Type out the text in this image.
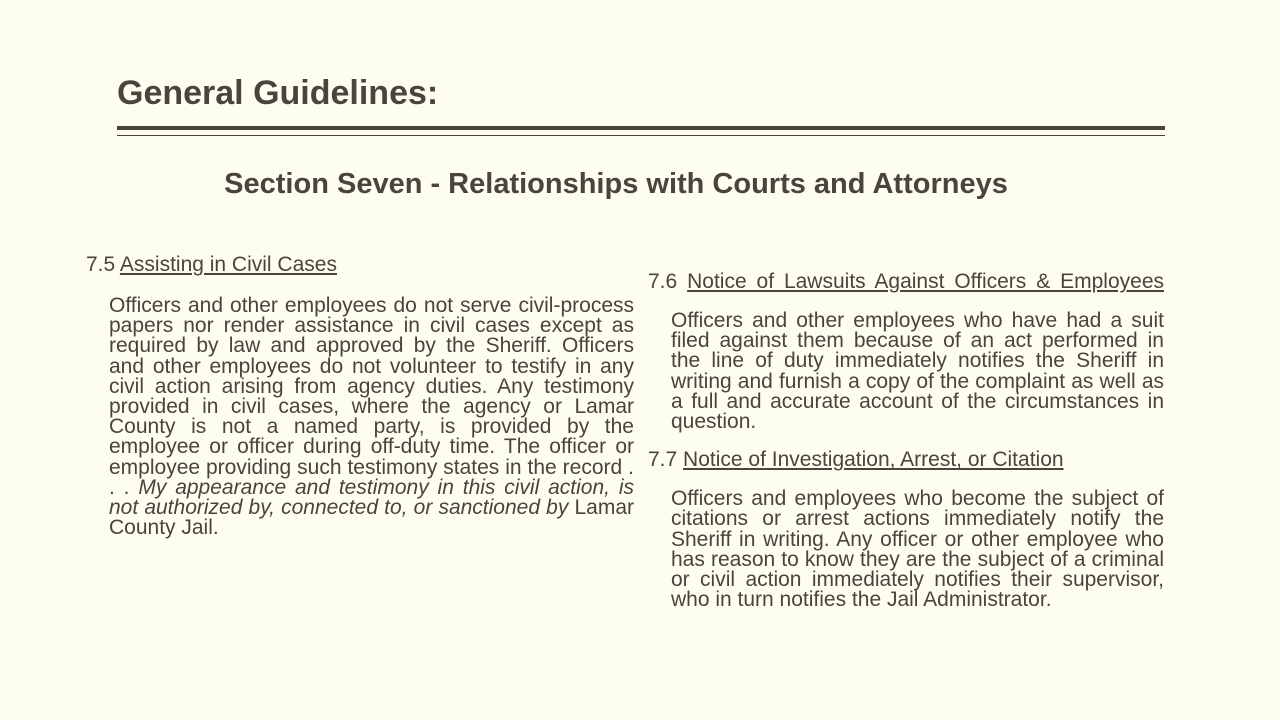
General Guidelines:
Section Seven - Relationships with Courts and Attorneys

7.5 Assisting in Civil Cases

Officers and other employees do not serve civil-process papers nor render assistance in civil cases except as required by law and approved by the Sheriff. Officers and other employees do not volunteer to testify in any civil action arising from agency duties. Any testimony provided in civil cases, where the agency or Lamar County is not a named party, is provided by the employee or officer during off-duty time. The officer or employee providing such testimony states in the record . . . My appearance and testimony in this civil action, is not authorized by, connected to, or sanctioned by Lamar County Jail.

7.6 Notice of Lawsuits Against Officers & Employees

Officers and other employees who have had a suit filed against them because of an act performed in the line of duty immediately notifies the Sheriff in writing and furnish a copy of the complaint as well as a full and accurate account of the circumstances in question.

7.7 Notice of Investigation, Arrest, or Citation

Officers and employees who become the subject of citations or arrest actions immediately notify the Sheriff in writing. Any officer or other employee who has reason to know they are the subject of a criminal or civil action immediately notifies their supervisor, who in turn notifies the Jail Administrator.
